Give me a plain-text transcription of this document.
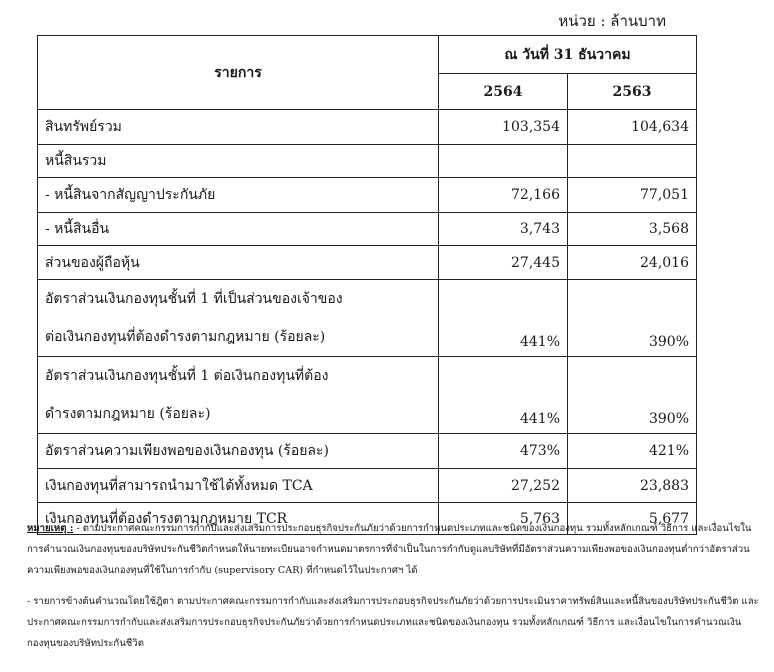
หน่วย : ล้านบาท
รายการ	ณ วันที่ 31 ธันวาคม	
	2564	2563
สินทรัพย์รวม	103,354	104,634
หนี้สินรวม		
- หนี้สินจากสัญญาประกันภัย	72,166	77,051
- หนี้สินอื่น	3,743	3,568
ส่วนของผู้ถือหุ้น	27,445	24,016
อัตราส่วนเงินกองทุนชั้นที่ 1 ที่เป็นส่วนของเจ้าของ
ต่อเงินกองทุนที่ต้องดำรงตามกฎหมาย (ร้อยละ)	441%	390%
อัตราส่วนเงินกองทุนชั้นที่ 1 ต่อเงินกองทุนที่ต้อง
ดำรงตามกฎหมาย (ร้อยละ)	441%	390%
อัตราส่วนความเพียงพอของเงินกองทุน (ร้อยละ)	473%	421%
เงินกองทุนที่สามารถนำมาใช้ได้ทั้งหมด TCA	27,252	23,883
เงินกองทุนที่ต้องดำรงตามกฎหมาย TCR	5,763	5,677
หมายเหตุ : - ตามประกาศคณะกรรมการกำกับและส่งเสริมการประกอบธุรกิจประกันภัยว่าด้วยการกำหนดประเภทและชนิดของเงินกองทุน รวมทั้งหลักเกณฑ์ วิธีการ และเงื่อนไขในการคำนวณเงินกองทุนของบริษัทประกันชีวิตกำหนดให้นายทะเบียนอาจกำหนดมาตรการที่จำเป็นในการกำกับดูแลบริษัทที่มีอัตราส่วนความเพียงพอของเงินกองทุนต่ำกว่าอัตราส่วนความเพียงพอของเงินกองทุนที่ใช้ในการกำกับ (supervisory CAR) ที่กำหนดไว้ในประกาศฯ ได้
- รายการข้างต้นคำนวณโดยใช้ฎิตา ตามประกาศคณะกรรมการกำกับและส่งเสริมการประกอบธุรกิจประกันภัยว่าด้วยการประเมินราคาทรัพย์สินและหนี้สินของบริษัทประกันชีวิต และประกาศคณะกรรมการกำกับและส่งเสริมการประกอบธุรกิจประกันภัยว่าด้วยการกำหนดประเภทและชนิดของเงินกองทุน รวมทั้งหลักเกณฑ์ วิธีการ และเงื่อนไขในการคำนวณเงินกองทุนของบริษัทประกันชีวิต
